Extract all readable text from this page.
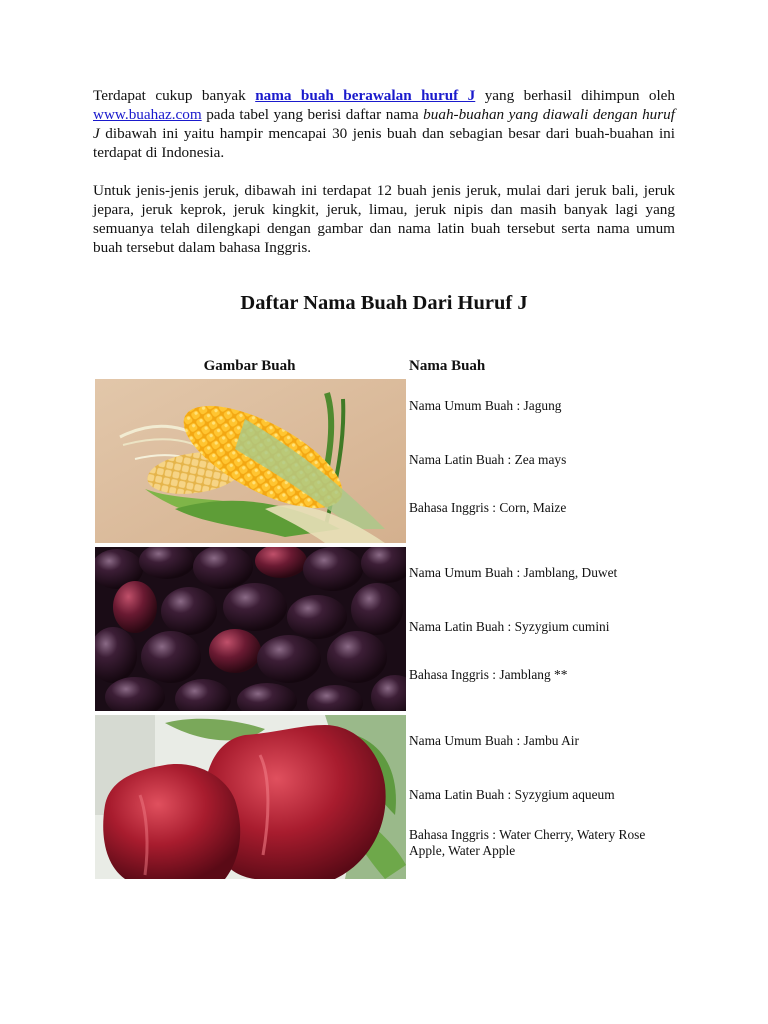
Terdapat cukup banyak nama buah berawalan huruf J yang berhasil dihimpun oleh www.buahaz.com pada tabel yang berisi daftar nama buah-buahan yang diawali dengan huruf J dibawah ini yaitu hampir mencapai 30 jenis buah dan sebagian besar dari buah-buahan ini terdapat di Indonesia.

Untuk jenis-jenis jeruk, dibawah ini terdapat 12 buah jenis jeruk, mulai dari jeruk bali, jeruk jepara, jeruk keprok, jeruk kingkit, jeruk, limau, jeruk nipis dan masih banyak lagi yang semuanya telah dilengkapi dengan gambar dan nama latin buah tersebut serta nama umum buah tersebut dalam bahasa Inggris.

Daftar Nama Buah Dari Huruf J
Gambar Buah	Nama Buah
Nama Umum Buah : Jagung
Nama Latin Buah : Zea mays
Bahasa Inggris : Corn, Maize
Nama Umum Buah : Jamblang, Duwet
Nama Latin Buah : Syzygium cumini
Bahasa Inggris : Jamblang **
Nama Umum Buah : Jambu Air
Nama Latin Buah : Syzygium aqueum
Bahasa Inggris : Water Cherry, Watery Rose Apple, Water Apple
